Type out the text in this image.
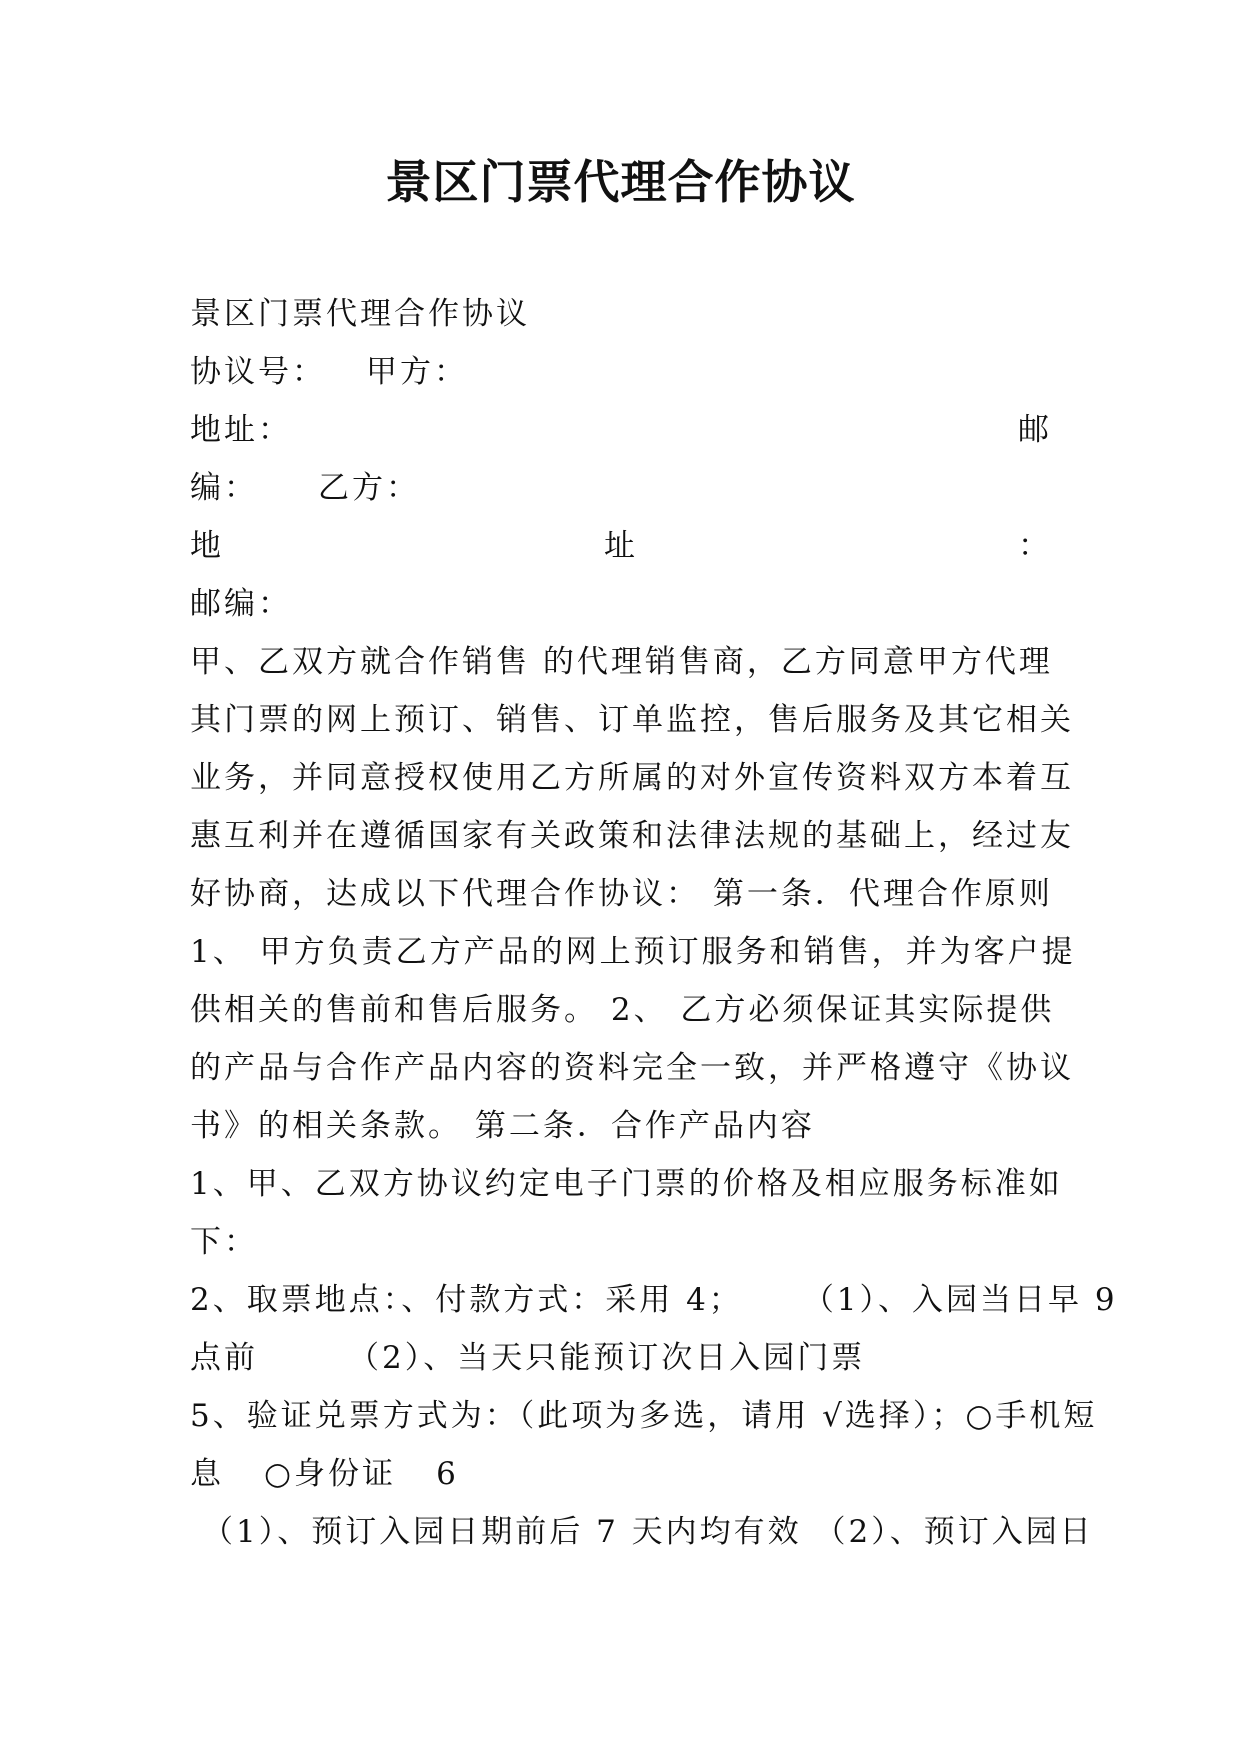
景区门票代理合作协议
景区门票代理合作协议
协议号： 甲方：
地址：	邮
编： 乙方：
地	址	：
邮编：
甲、乙双方就合作销售 的代理销售商，乙方同意甲方代理
其门票的网上预订、销售、订单监控，售后服务及其它相关
业务，并同意授权使用乙方所属的对外宣传资料双方本着互
惠互利并在遵循国家有关政策和法律法规的基础上，经过友
好协商，达成以下代理合作协议： 第一条．代理合作原则
1、 甲方负责乙方产品的网上预订服务和销售，并为客户提
供相关的售前和售后服务。 2、 乙方必须保证其实际提供
的产品与合作产品内容的资料完全一致，并严格遵守《协议
书》的相关条款。 第二条．合作产品内容
1、甲、乙双方协议约定电子门票的价格及相应服务标准如
下：
2、取票地点：、付款方式：采用 4； （1）、入园当日早 9
点前	（2）、当天只能预订次日入园门票
5、验证兑票方式为：（此项为多选，请用 √选择）；○手机短
息 ○身份证 6
（1）、预订入园日期前后 7 天内均有效 （2）、预订入园日
